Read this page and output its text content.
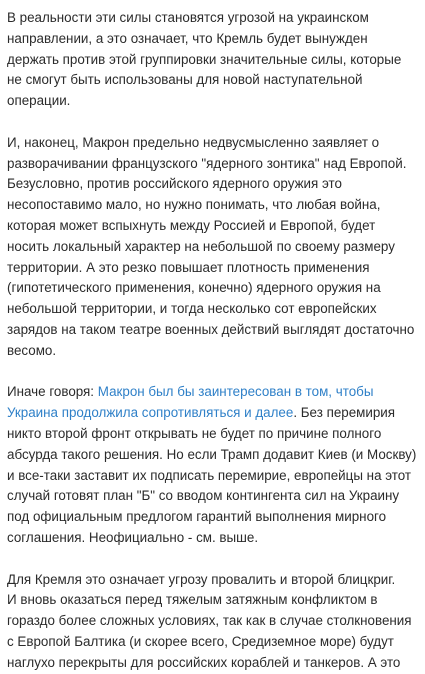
В реальности эти силы становятся угрозой на украинском
направлении, а это означает, что Кремль будет вынужден
держать против этой группировки значительные силы, которые
не смогут быть использованы для новой наступательной
операции.
И, наконец, Макрон предельно недвусмысленно заявляет о
разворачивании французского "ядерного зонтика" над Европой.
Безусловно, против российского ядерного оружия это
несопоставимо мало, но нужно понимать, что любая война,
которая может вспыхнуть между Россией и Европой, будет
носить локальный характер на небольшой по своему размеру
территории. А это резко повышает плотность применения
(гипотетического применения, конечно) ядерного оружия на
небольшой территории, и тогда несколько сот европейских
зарядов на таком театре военных действий выглядят достаточно
весомо.
Иначе говоря: Макрон был бы заинтересован в том, чтобы
Украина продолжила сопротивляться и далее. Без перемирия
никто второй фронт открывать не будет по причине полного
абсурда такого решения. Но если Трамп додавит Киев (и Москву)
и все-таки заставит их подписать перемирие, европейцы на этот
случай готовят план "Б" со вводом контингента сил на Украину
под официальным предлогом гарантий выполнения мирного
соглашения. Неофициально - см. выше.
Для Кремля это означает угрозу провалить и второй блицкриг.
И вновь оказаться перед тяжелым затяжным конфликтом в
гораздо более сложных условиях, так как в случае столкновения
с Европой Балтика (и скорее всего, Средиземное море) будут
наглухо перекрыты для российских кораблей и танкеров. А это
